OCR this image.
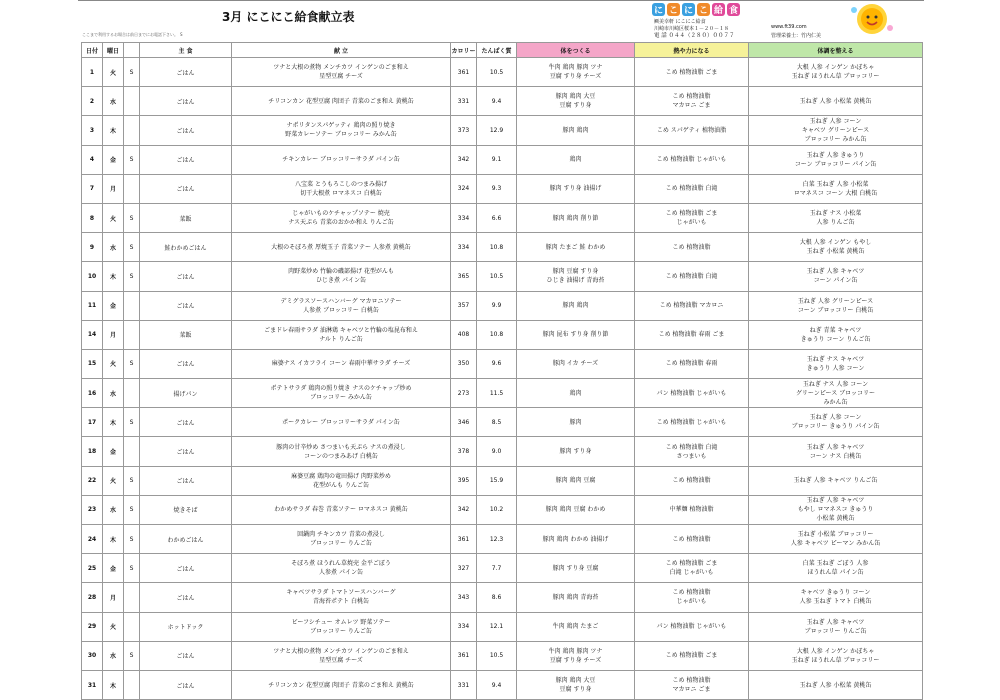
3月 にこにこ給食献立表
ここまで利用するお場合は前日までにお電話下さい。 S
に こ に こ 給 食
㈱美幸軒 にこにこ給食
川崎市川崎区桜本１－２０－１８
電 話 ０４４（２８０）００７７
www.ft39.com
管理栄養士：竹内仁美
日付	曜日		主 食	献 立	カロリー	たんぱく質	体をつくる	熱や力になる	体調を整える
1	火	S	ごはん	ツナと大根の煮物 メンチカツ インゲンのごま和え
星型豆腐 チーズ	361	10.5	牛肉 鶏肉 豚肉 ツナ
豆腐 すり身 チーズ	こめ 植物油脂 ごま	大根 人参 インゲン かぼちゃ
玉ねぎ ほうれん草 ブロッコリー

2	水		ごはん	チリコンカン 花型豆腐 肉団子 青菜のごま和え 黄桃缶	331	9.4	豚肉 鶏肉 大豆
豆腐 すり身	こめ 植物油脂
マカロニ ごま	玉ねぎ 人参 小松菜 黄桃缶

3	木		ごはん	ナポリタンスパゲッティ 鶏肉の照り焼き
野菜カレーソテー ブロッコリー みかん缶	373	12.9	豚肉 鶏肉	こめ スパゲティ 植物油脂	玉ねぎ 人参 コーン
キャベツ グリーンピース
ブロッコリー みかん缶

4	金	S	ごはん	チキンカレー ブロッコリーサラダ パイン缶	342	9.1	鶏肉	こめ 植物油脂 じゃがいも	玉ねぎ 人参 きゅうり
コーン ブロッコリー パイン缶

7	月		ごはん	八宝菜 とうもろこしのつまみ揚げ
切干大根煮 ロマネスコ 白桃缶	324	9.3	豚肉 すり身 油揚げ	こめ 植物油脂 白滝	白菜 玉ねぎ 人参 小松菜
ロマネスコ コーン 大根 白桃缶

8	火	S	菜飯	じゃがいものケチャップソテー 焼売
ナス天ぷら 青菜のおかか和え りんご缶	334	6.6	豚肉 鶏肉 削り節	こめ 植物油脂 ごま
じゃがいも	玉ねぎ ナス 小松菜
人参 りんご缶

9	水	S	鮭わかめごはん	大根のそぼろ煮 厚焼玉子 青菜ソテー 人参煮 黄桃缶	334	10.8	豚肉 たまご 鮭 わかめ	こめ 植物油脂	大根 人参 インゲン もやし
玉ねぎ 小松菜 黄桃缶

10	木	S	ごはん	肉野菜炒め 竹輪の磯部揚げ 花型がんも
ひじき煮 パイン缶	365	10.5	豚肉 豆腐 すり身
ひじき 油揚げ 青海苔	こめ 植物油脂 白滝	玉ねぎ 人参 キャベツ
コーン パイン缶

11	金		ごはん	デミグラスソースハンバーグ マカロニソテー
人参煮 ブロッコリー 白桃缶	357	9.9	豚肉 鶏肉	こめ 植物油脂 マカロニ	玉ねぎ 人参 グリーンピース
コーン ブロッコリー 白桃缶

14	月		菜飯	ごまドレ春雨サラダ 油淋鶏 キャベツと竹輪の塩昆布和え
ナルト りんご缶	408	10.8	豚肉 昆布 すり身 削り節	こめ 植物油脂 春雨 ごま	ねぎ 青菜 キャベツ
きゅうり コーン りんご缶

15	火	S	ごはん	麻婆ナス イカフライ コーン 春雨中華サラダ チーズ	350	9.6	豚肉 イカ チーズ	こめ 植物油脂 春雨	玉ねぎ ナス キャベツ
きゅうり 人参 コーン

16	水		揚げパン	ポテトサラダ 鶏肉の照り焼き ナスのケチャップ炒め
ブロッコリー みかん缶	273	11.5	鶏肉	パン 植物油脂 じゃがいも	玉ねぎ ナス 人参 コーン
グリーンピース ブロッコリー
みかん缶

17	木	S	ごはん	ポークカレー ブロッコリーサラダ パイン缶	346	8.5	豚肉	こめ 植物油脂 じゃがいも	玉ねぎ 人参 コーン
ブロッコリー きゅうり パイン缶

18	金		ごはん	豚肉の甘辛炒め さつまいも天ぷら ナスの煮浸し
コーンのつまみあげ 白桃缶	378	9.0	豚肉 すり身	こめ 植物油脂 白滝
さつまいも	玉ねぎ 人参 キャベツ
コーン ナス 白桃缶

22	火	S	ごはん	麻婆豆腐 鶏肉の竜田揚げ 肉野菜炒め
花型がんも りんご缶	395	15.9	豚肉 鶏肉 豆腐	こめ 植物油脂	玉ねぎ 人参 キャベツ りんご缶

23	水	S	焼きそば	わかめサラダ 春巻 青菜ソテー ロマネスコ 黄桃缶	342	10.2	豚肉 鶏肉 豆腐 わかめ	中華麺 植物油脂	玉ねぎ 人参 キャベツ
もやし ロマネスコ きゅうり
小松菜 黄桃缶

24	木	S	わかめごはん	回鍋肉 チキンカツ 青菜の煮浸し
ブロッコリー りんご缶	361	12.3	豚肉 鶏肉 わかめ 油揚げ	こめ 植物油脂	玉ねぎ 小松菜 ブロッコリー
人参 キャベツ ピーマン みかん缶

25	金	S	ごはん	そぼろ煮 ほうれん草焼売 金平ごぼう
人参煮 パイン缶	327	7.7	豚肉 すり身 豆腐	こめ 植物油脂 ごま
白滝 じゃがいも	白菜 玉ねぎ ごぼう 人参
ほうれん草 パイン缶

28	月		ごはん	キャベツサラダ トマトソースハンバーグ
青海苔ポテト 白桃缶	343	8.6	豚肉 鶏肉 青海苔	こめ 植物油脂
じゃがいも	キャベツ きゅうり コーン
人参 玉ねぎ トマト 白桃缶

29	火		ホットドック	ビーフシチュー オムレツ 野菜ソテー
ブロッコリー りんご缶	334	12.1	牛肉 鶏肉 たまご	パン 植物油脂 じゃがいも	玉ねぎ 人参 キャベツ
ブロッコリー りんご缶

30	水	S	ごはん	ツナと大根の煮物 メンチカツ インゲンのごま和え
星型豆腐 チーズ	361	10.5	牛肉 鶏肉 豚肉 ツナ
豆腐 すり身 チーズ	こめ 植物油脂 ごま	大根 人参 インゲン かぼちゃ
玉ねぎ ほうれん草 ブロッコリー

31	木		ごはん	チリコンカン 花型豆腐 肉団子 青菜のごま和え 黄桃缶	331	9.4	豚肉 鶏肉 大豆
豆腐 すり身	こめ 植物油脂
マカロニ ごま	玉ねぎ 人参 小松菜 黄桃缶
